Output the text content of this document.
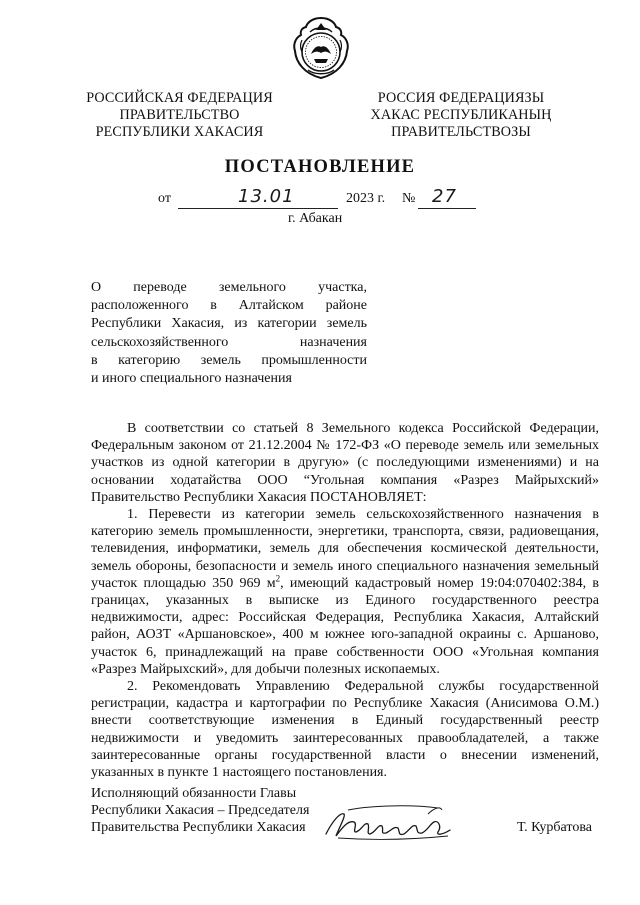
РОССИЙСКАЯ ФЕДЕРАЦИЯ
ПРАВИТЕЛЬСТВО
РЕСПУБЛИКИ ХАКАСИЯ
РОССИЯ ФЕДЕРАЦИЯЗЫ
ХАКАС РЕСПУБЛИКАНЫҢ
ПРАВИТЕЛЬСТВОЗЫ
ПОСТАНОВЛЕНИЕ
от	13.01	2023 г. № 27
г. Абакан
О переводе земельного участка,
расположенного в Алтайском районе
Республики Хакасия, из категории земель
сельскохозяйственного назначения
в категорию земель промышленности
и иного специального назначения

В соответствии со статьей 8 Земельного кодекса Российской Федерации, Федеральным законом от 21.12.2004 № 172-ФЗ «О переводе земель или земельных участков из одной категории в другую» (с последующими изменениями) и на основании ходатайства ООО “Угольная компания «Разрез Майрыхский» Правительство Республики Хакасия ПОСТАНОВЛЯЕТ:

1. Перевести из категории земель сельскохозяйственного назначения в категорию земель промышленности, энергетики, транспорта, связи, радиовещания, телевидения, информатики, земель для обеспечения космической деятельности, земель обороны, безопасности и земель иного специального назначения земельный участок площадью 350 969 $м^2$, имеющий кадастровый номер 19:04:070402:384, в границах, указанных в выписке из Единого государственного реестра недвижимости, адрес: Российская Федерация, Республика Хакасия, Алтайский район, АОЗТ «Аршановское», 400 м южнее юго-западной окраины с. Аршаново, участок 6, принадлежащий на праве собственности ООО «Угольная компания «Разрез Майрыхский», для добычи полезных ископаемых.

2. Рекомендовать Управлению Федеральной службы государственной регистрации, кадастра и картографии по Республике Хакасия (Анисимова О.М.) внести соответствующие изменения в Единый государственный реестр недвижимости и уведомить заинтересованных правообладателей, а также заинтересованные органы государственной власти о внесении изменений, указанных в пункте 1 настоящего постановления.

Исполняющий обязанности Главы
Республики Хакасия – Председателя
Правительства Республики Хакасия	Т. Курбатова
